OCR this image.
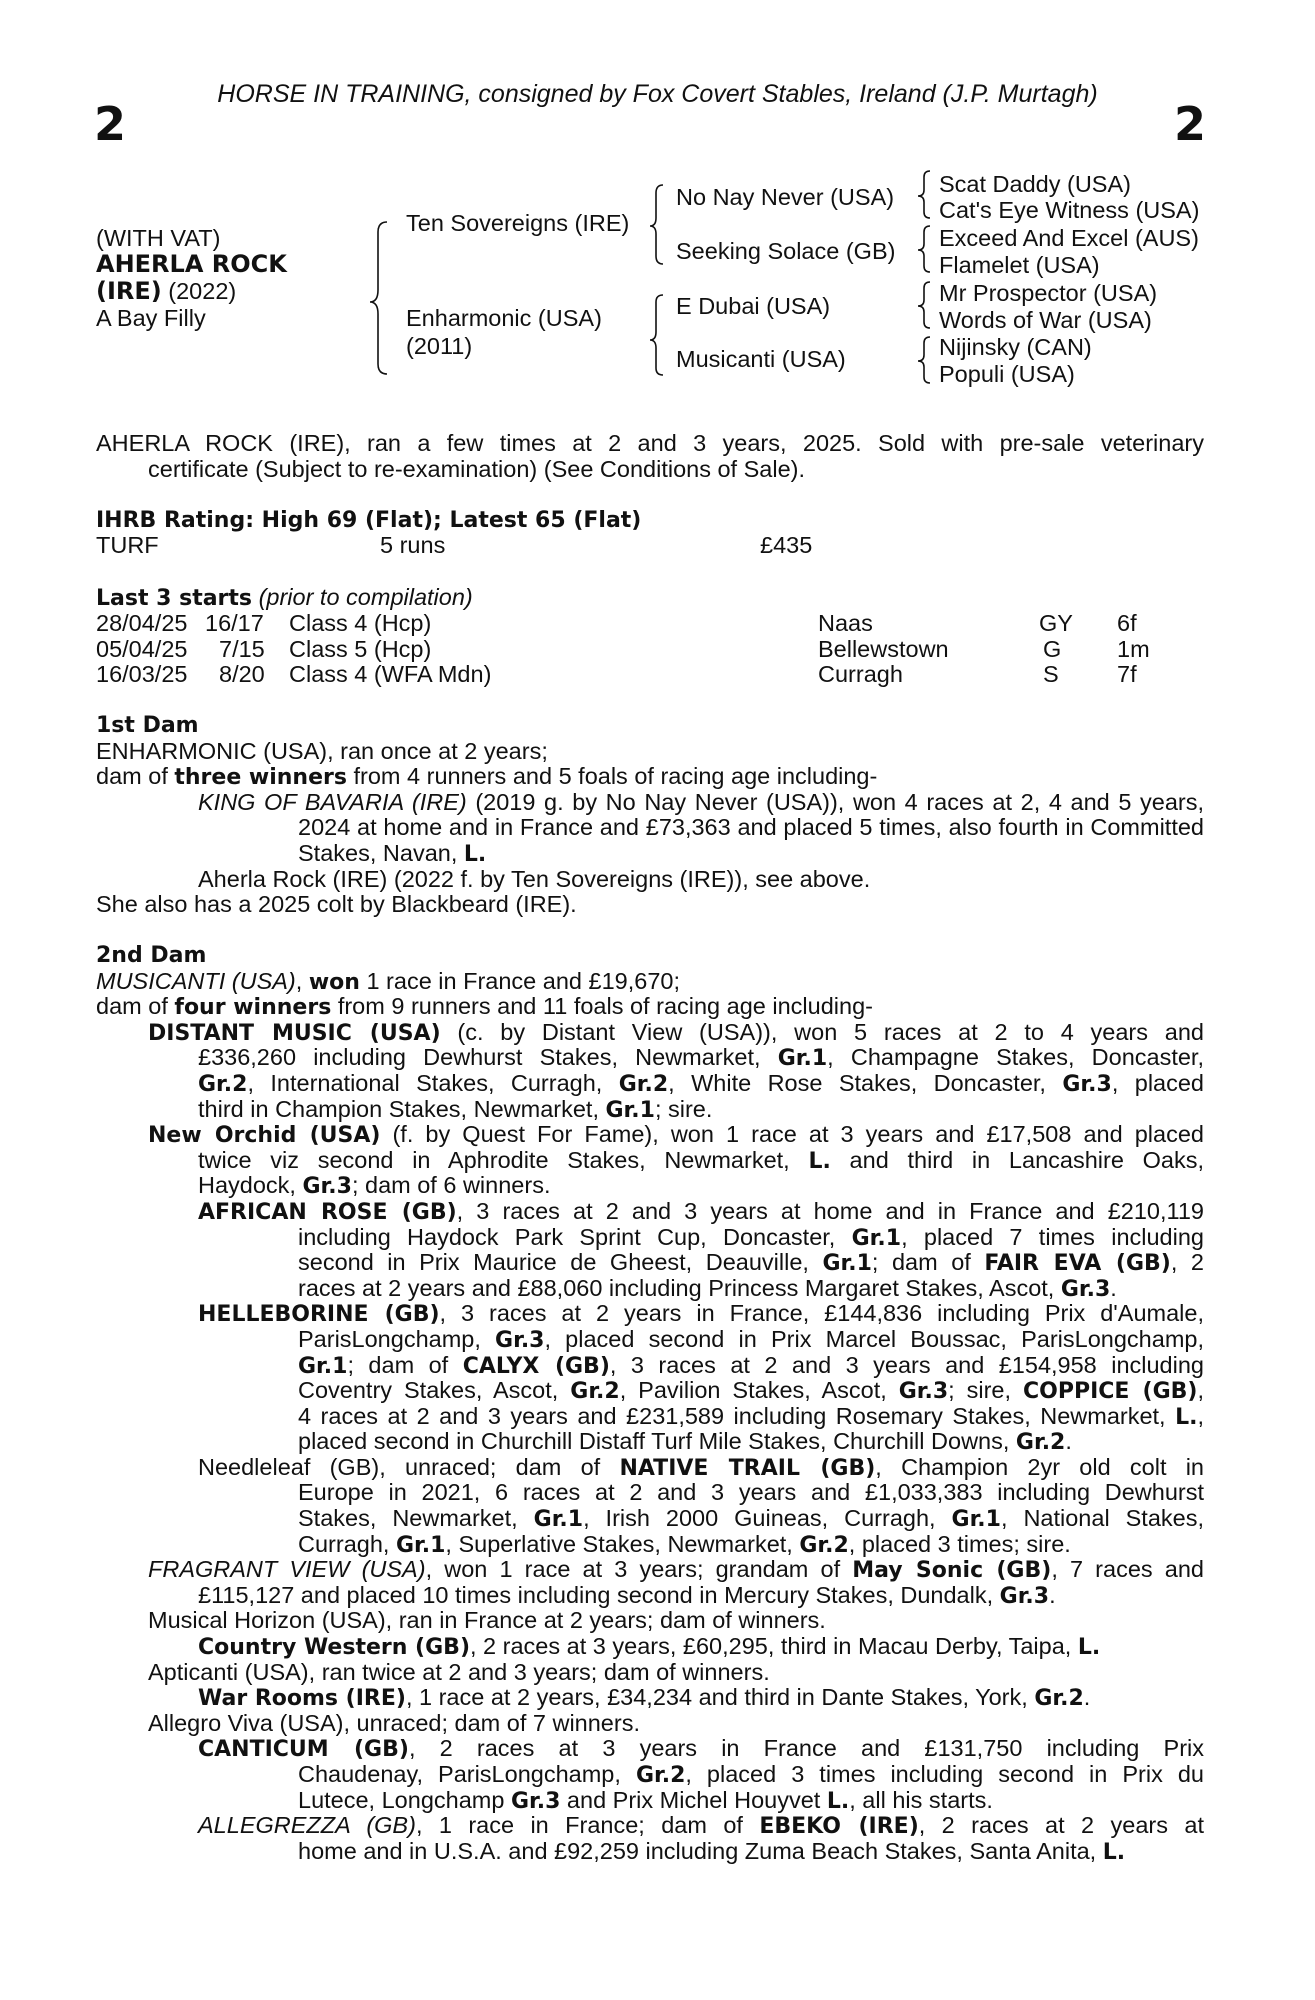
HORSE IN TRAINING, consigned by Fox Covert Stables, Ireland (J.P. Murtagh)
2	2
(WITH VAT)
AHERLA ROCK
(IRE) (2022)
A Bay Filly
Ten Sovereigns (IRE)
Enharmonic (USA)
(2011)
No Nay Never (USA)
Seeking Solace (GB)
E Dubai (USA)
Musicanti (USA)
Scat Daddy (USA)
Cat's Eye Witness (USA)
Exceed And Excel (AUS)
Flamelet (USA)
Mr Prospector (USA)
Words of War (USA)
Nijinsky (CAN)
Populi (USA)
AHERLA ROCK (IRE), ran a few times at 2 and 3 years, 2025. Sold with pre-sale veterinary
certificate (Subject to re-examination) (See Conditions of Sale).
IHRB Rating: High 69 (Flat); Latest 65 (Flat)
TURF	5 runs	£435
Last 3 starts (prior to compilation)
28/04/25 16/17 Class 4 (Hcp)	Naas	GY 6f
05/04/25 7/15 Class 5 (Hcp)	Bellewstown	G 1m
16/03/25 8/20 Class 4 (WFA Mdn)	Curragh	S 7f
1st Dam
ENHARMONIC (USA), ran once at 2 years;
dam of three winners from 4 runners and 5 foals of racing age including-
KING OF BAVARIA (IRE) (2019 g. by No Nay Never (USA)), won 4 races at 2, 4 and 5 years,
2024 at home and in France and £73,363 and placed 5 times, also fourth in Committed
Stakes, Navan, L.
Aherla Rock (IRE) (2022 f. by Ten Sovereigns (IRE)), see above.
She also has a 2025 colt by Blackbeard (IRE).
2nd Dam
MUSICANTI (USA), won 1 race in France and £19,670;
dam of four winners from 9 runners and 11 foals of racing age including-
DISTANT MUSIC (USA) (c. by Distant View (USA)), won 5 races at 2 to 4 years and
£336,260 including Dewhurst Stakes, Newmarket, Gr.1, Champagne Stakes, Doncaster,
Gr.2, International Stakes, Curragh, Gr.2, White Rose Stakes, Doncaster, Gr.3, placed
third in Champion Stakes, Newmarket, Gr.1; sire.
New Orchid (USA) (f. by Quest For Fame), won 1 race at 3 years and £17,508 and placed
twice viz second in Aphrodite Stakes, Newmarket, L. and third in Lancashire Oaks,
Haydock, Gr.3; dam of 6 winners.
AFRICAN ROSE (GB), 3 races at 2 and 3 years at home and in France and £210,119
including Haydock Park Sprint Cup, Doncaster, Gr.1, placed 7 times including
second in Prix Maurice de Gheest, Deauville, Gr.1; dam of FAIR EVA (GB), 2
races at 2 years and £88,060 including Princess Margaret Stakes, Ascot, Gr.3.
HELLEBORINE (GB), 3 races at 2 years in France, £144,836 including Prix d'Aumale,
ParisLongchamp, Gr.3, placed second in Prix Marcel Boussac, ParisLongchamp,
Gr.1; dam of CALYX (GB), 3 races at 2 and 3 years and £154,958 including
Coventry Stakes, Ascot, Gr.2, Pavilion Stakes, Ascot, Gr.3; sire, COPPICE (GB),
4 races at 2 and 3 years and £231,589 including Rosemary Stakes, Newmarket, L.,
placed second in Churchill Distaff Turf Mile Stakes, Churchill Downs, Gr.2.
Needleleaf (GB), unraced; dam of NATIVE TRAIL (GB), Champion 2yr old colt in
Europe in 2021, 6 races at 2 and 3 years and £1,033,383 including Dewhurst
Stakes, Newmarket, Gr.1, Irish 2000 Guineas, Curragh, Gr.1, National Stakes,
Curragh, Gr.1, Superlative Stakes, Newmarket, Gr.2, placed 3 times; sire.
FRAGRANT VIEW (USA), won 1 race at 3 years; grandam of May Sonic (GB), 7 races and
£115,127 and placed 10 times including second in Mercury Stakes, Dundalk, Gr.3.
Musical Horizon (USA), ran in France at 2 years; dam of winners.
Country Western (GB), 2 races at 3 years, £60,295, third in Macau Derby, Taipa, L.
Apticanti (USA), ran twice at 2 and 3 years; dam of winners.
War Rooms (IRE), 1 race at 2 years, £34,234 and third in Dante Stakes, York, Gr.2.
Allegro Viva (USA), unraced; dam of 7 winners.
CANTICUM (GB), 2 races at 3 years in France and £131,750 including Prix
Chaudenay, ParisLongchamp, Gr.2, placed 3 times including second in Prix du
Lutece, Longchamp Gr.3 and Prix Michel Houyvet L., all his starts.
ALLEGREZZA (GB), 1 race in France; dam of EBEKO (IRE), 2 races at 2 years at
home and in U.S.A. and £92,259 including Zuma Beach Stakes, Santa Anita, L.
